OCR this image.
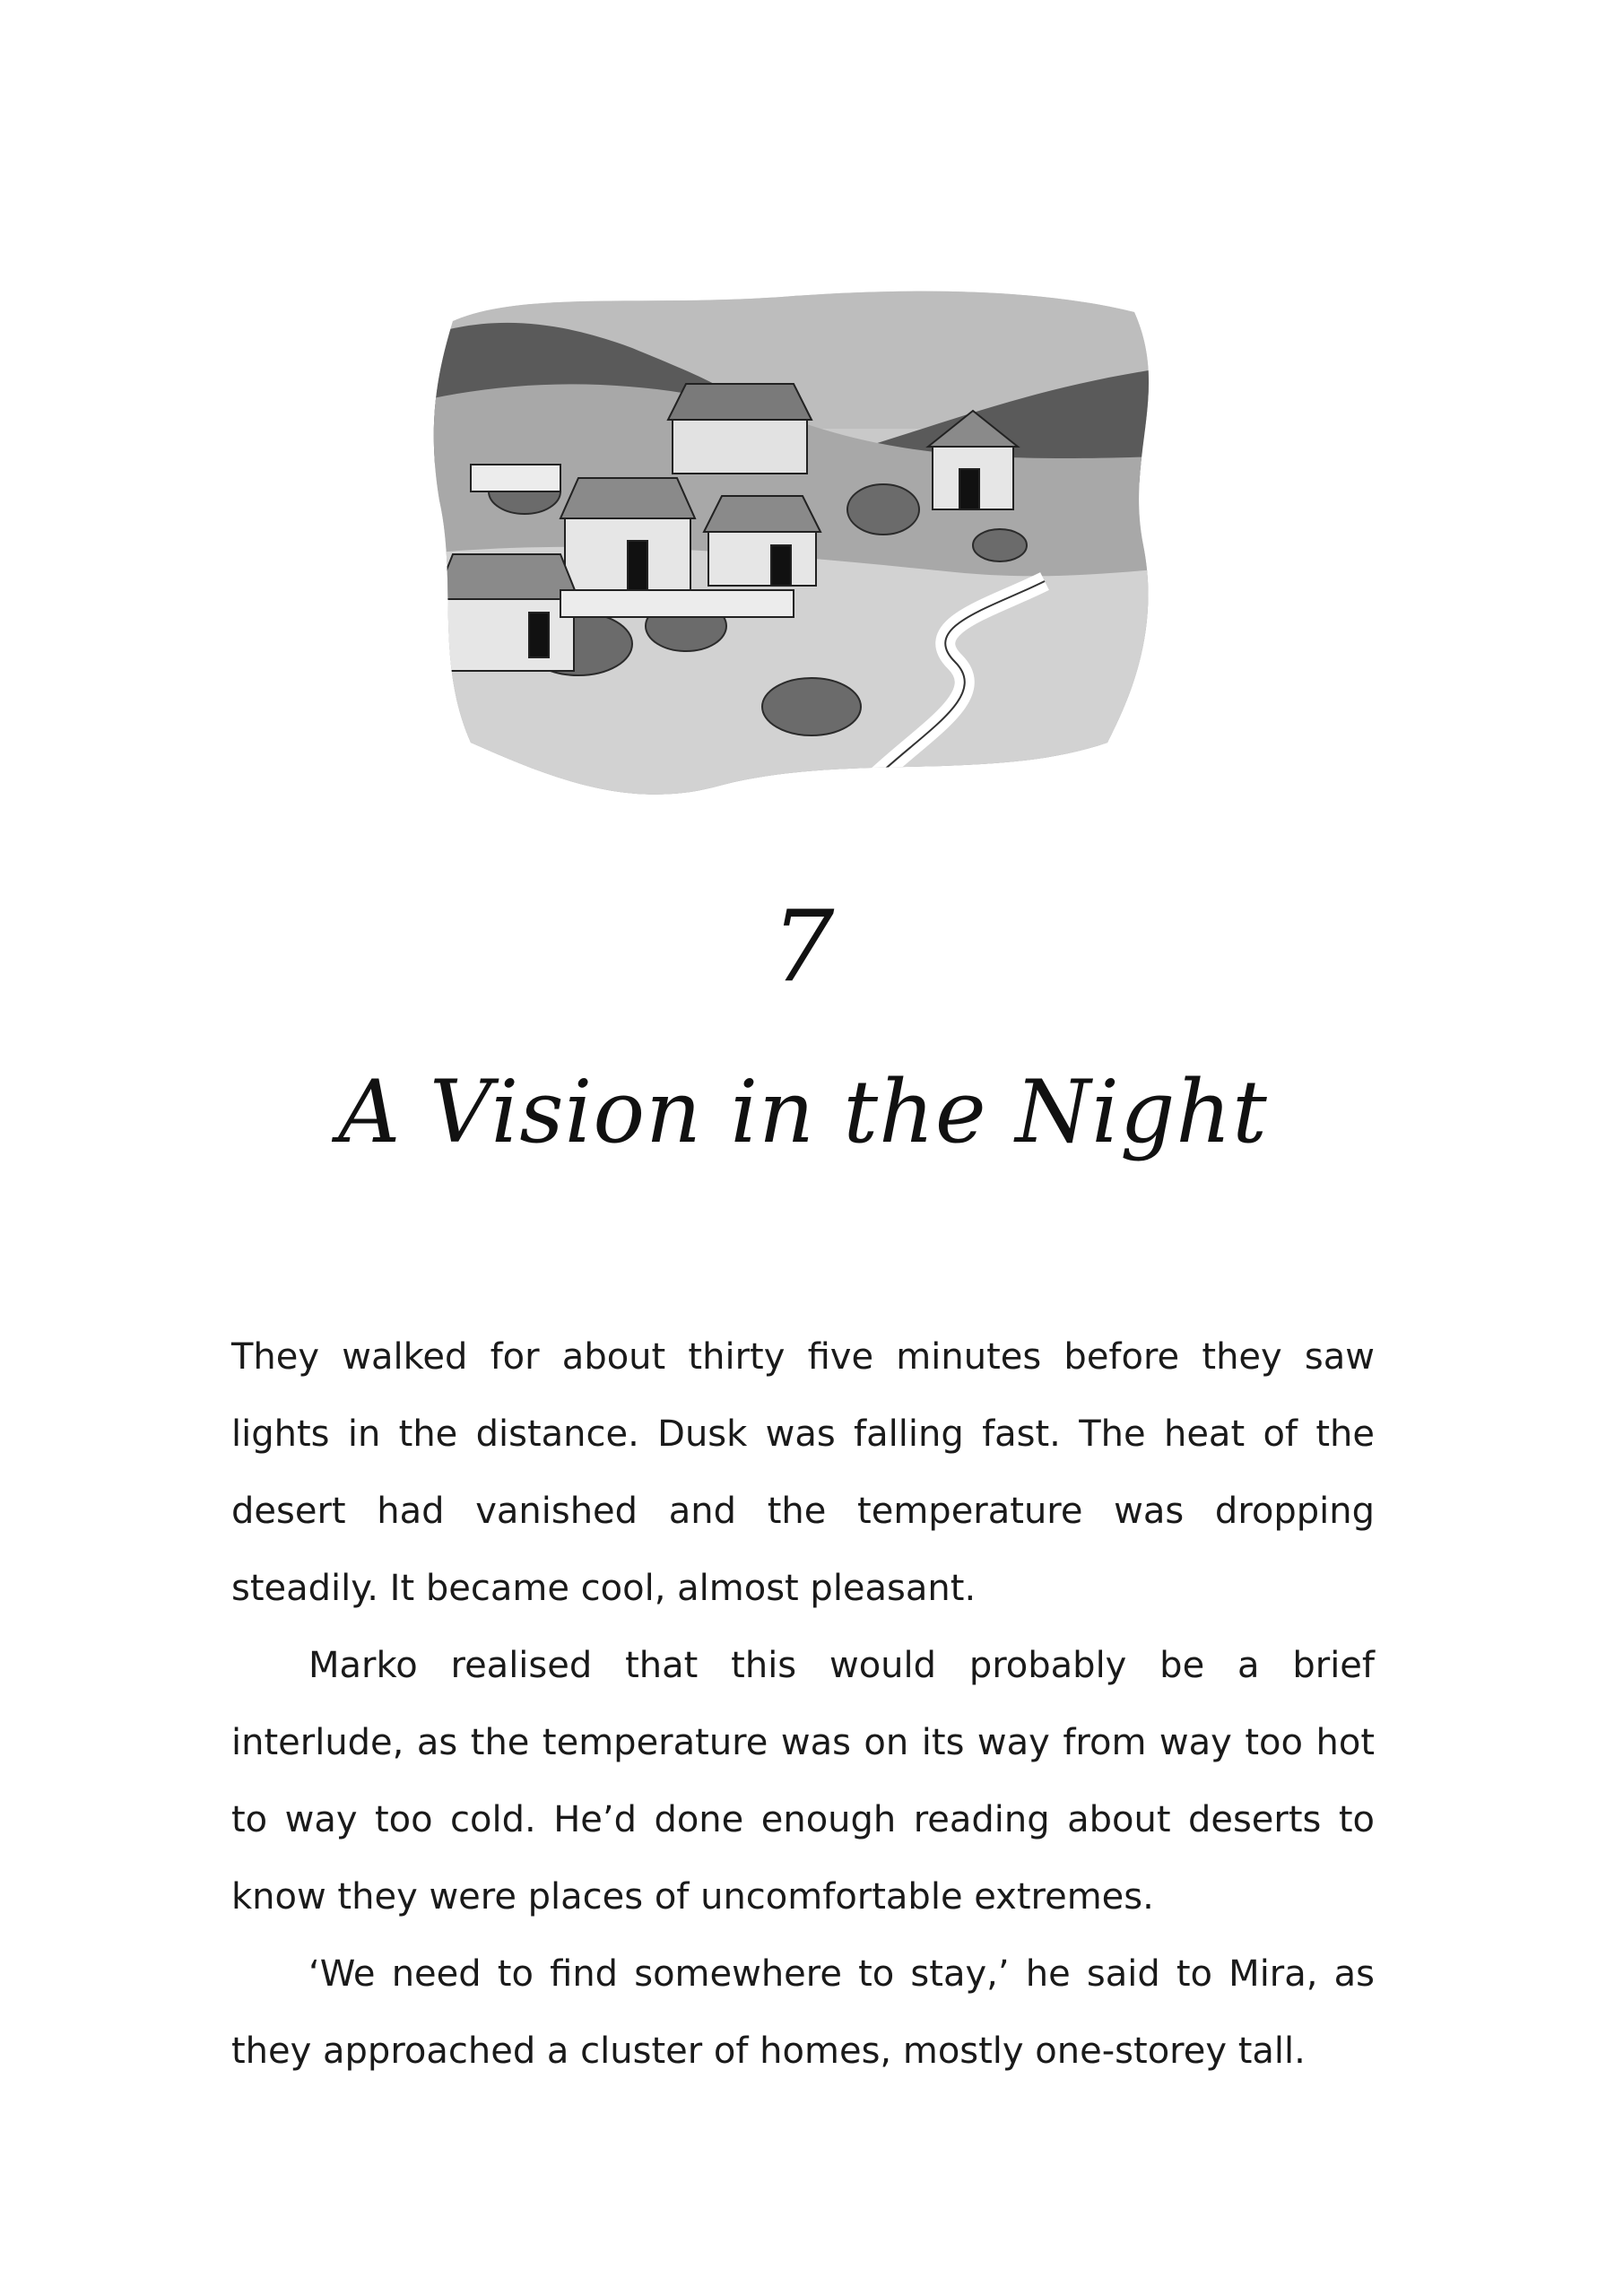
7
A Vision in the Night

They walked for about thirty five minutes before they saw lights in the distance. Dusk was falling fast. The heat of the desert had vanished and the temperature was dropping steadily. It became cool, almost pleasant.

Marko realised that this would probably be a brief interlude, as the temperature was on its way from way too hot to way too cold. He’d done enough reading about deserts to know they were places of uncomfortable extremes.

‘We need to find somewhere to stay,’ he said to Mira, as they approached a cluster of homes, mostly one-storey tall.
